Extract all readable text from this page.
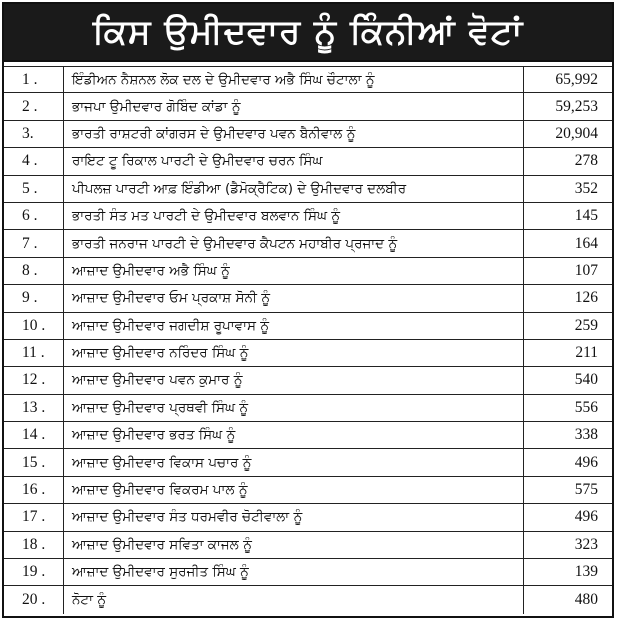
ਕਿਸ ਉਮੀਦਵਾਰ ਨੂੰ ਕਿੰਨੀਆਂ ਵੋਟਾਂ
1 .	ਇੰਡੀਅਨ ਨੈਸ਼ਨਲ ਲੋਕ ਦਲ ਦੇ ਉਮੀਦਵਾਰ ਅਭੈ ਸਿੰਘ ਚੌਟਾਲਾ ਨੂੰ	65,992
2 .	ਭਾਜਪਾ ਉਮੀਦਵਾਰ ਗੋਬਿੰਦ ਕਾਂਡਾ ਨੂੰ	59,253
3.	ਭਾਰਤੀ ਰਾਸ਼ਟਰੀ ਕਾਂਗਰਸ ਦੇ ਉਮੀਦਵਾਰ ਪਵਨ ਬੈਨੀਵਾਲ ਨੂੰ	20,904
4 .	ਰਾਇਟ ਟੂ ਰਿਕਾਲ ਪਾਰਟੀ ਦੇ ਉਮੀਦਵਾਰ ਚਰਨ ਸਿੰਘ	278
5 .	ਪੀਪਲਜ਼ ਪਾਰਟੀ ਆਫ਼ ਇੰਡੀਆ (ਡੈਮੋਕ੍ਰੈਟਿਕ) ਦੇ ਉਮੀਦਵਾਰ ਦਲਬੀਰ	352
6 .	ਭਾਰਤੀ ਸੰਤ ਮਤ ਪਾਰਟੀ ਦੇ ਉਮੀਦਵਾਰ ਬਲਵਾਨ ਸਿੰਘ ਨੂੰ	145
7 .	ਭਾਰਤੀ ਜਨਰਾਜ ਪਾਰਟੀ ਦੇ ਉਮੀਦਵਾਰ ਕੈਪਟਨ ਮਹਾਬੀਰ ਪ੍ਰਜਾਦ ਨੂੰ	164
8 .	ਆਜ਼ਾਦ ਉਮੀਦਵਾਰ ਅਭੈ ਸਿੰਘ ਨੂੰ	107
9 .	ਆਜ਼ਾਦ ਉਮੀਦਵਾਰ ਓਮ ਪ੍ਰਕਾਸ਼ ਸੋਨੀ ਨੂੰ	126
10 .	ਆਜ਼ਾਦ ਉਮੀਦਵਾਰ ਜਗਦੀਸ਼ ਰੂਪਾਵਾਸ ਨੂੰ	259
11 .	ਆਜ਼ਾਦ ਉਮੀਦਵਾਰ ਨਰਿੰਦਰ ਸਿੰਘ ਨੂੰ	211
12 .	ਆਜ਼ਾਦ ਉਮੀਦਵਾਰ ਪਵਨ ਕੁਮਾਰ ਨੂੰ	540
13 .	ਆਜ਼ਾਦ ਉਮੀਦਵਾਰ ਪ੍ਰਥਵੀ ਸਿੰਘ ਨੂੰ	556
14 .	ਆਜ਼ਾਦ ਉਮੀਦਵਾਰ ਭਰਤ ਸਿੰਘ ਨੂੰ	338
15 .	ਆਜ਼ਾਦ ਉਮੀਦਵਾਰ ਵਿਕਾਸ ਪਚਾਰ ਨੂੰ	496
16 .	ਆਜ਼ਾਦ ਉਮੀਦਵਾਰ ਵਿਕਰਮ ਪਾਲ ਨੂੰ	575
17 .	ਆਜ਼ਾਦ ਉਮੀਦਵਾਰ ਸੰਤ ਧਰਮਵੀਰ ਚੋਟੀਵਾਲਾ ਨੂੰ	496
18 .	ਆਜ਼ਾਦ ਉਮੀਦਵਾਰ ਸਵਿਤਾ ਕਾਜਲ ਨੂੰ	323
19 .	ਆਜ਼ਾਦ ਉਮੀਦਵਾਰ ਸੁਰਜੀਤ ਸਿੰਘ ਨੂੰ	139
20 .	ਨੋਟਾ ਨੂੰ	480
